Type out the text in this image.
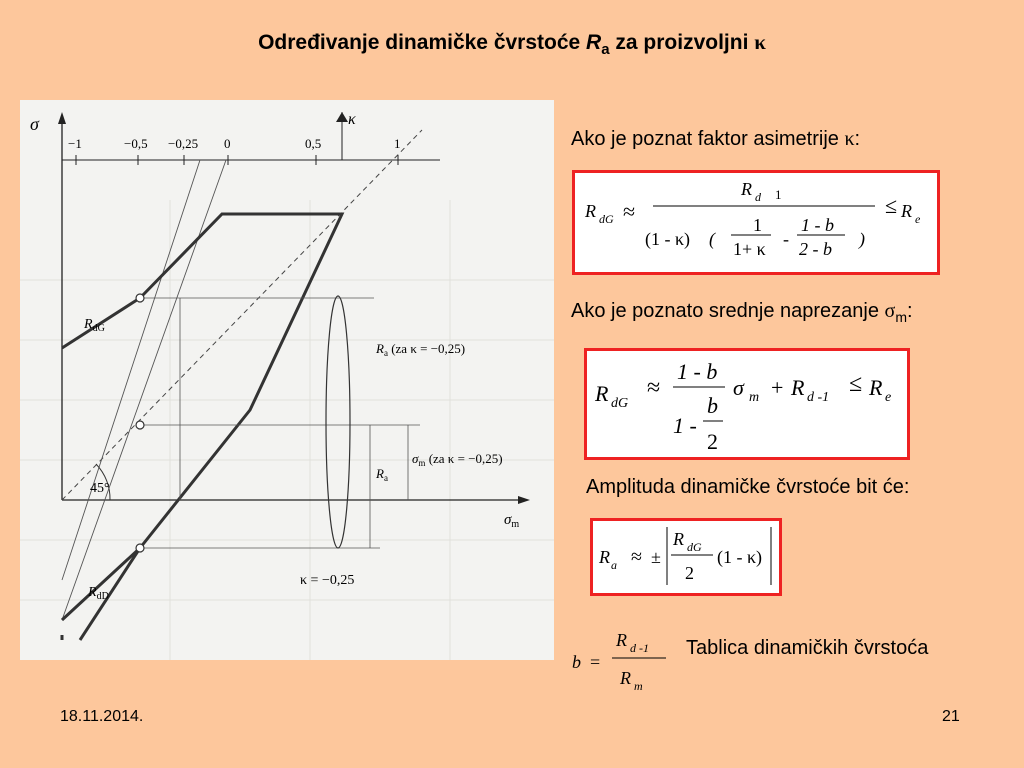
Određivanje dinamičke čvrstoće $R_a$ za proizvoljni κ
σ	κ
−1	−0,5 −0,25 0	0,5	1
$R_{dG}$
$R_{dD}$
$R_a$ (za κ = −0,25)
$\sigma_m$ (za κ = −0,25)
$R_a$
45°
$\sigma_m$
κ = −0,25
Ako je poznat faktor asimetrije κ:
R dG ≈
R d 1
(1 - κ) (
1
1+ κ -
1 - b
2 - b )
≤ R e
Ako je poznato srednje naprezanje $\sigma_m$:
R dG
≈
1 - b
1 -
b
2
σ m + R d -1
≤ R e
Amplituda dinamičke čvrstoće bit će:
R a ≈ ±
R dG
2
(1 - κ)
b =
R d -1
R m
Tablica dinamičkih čvrstoća
18.11.2014.	21
